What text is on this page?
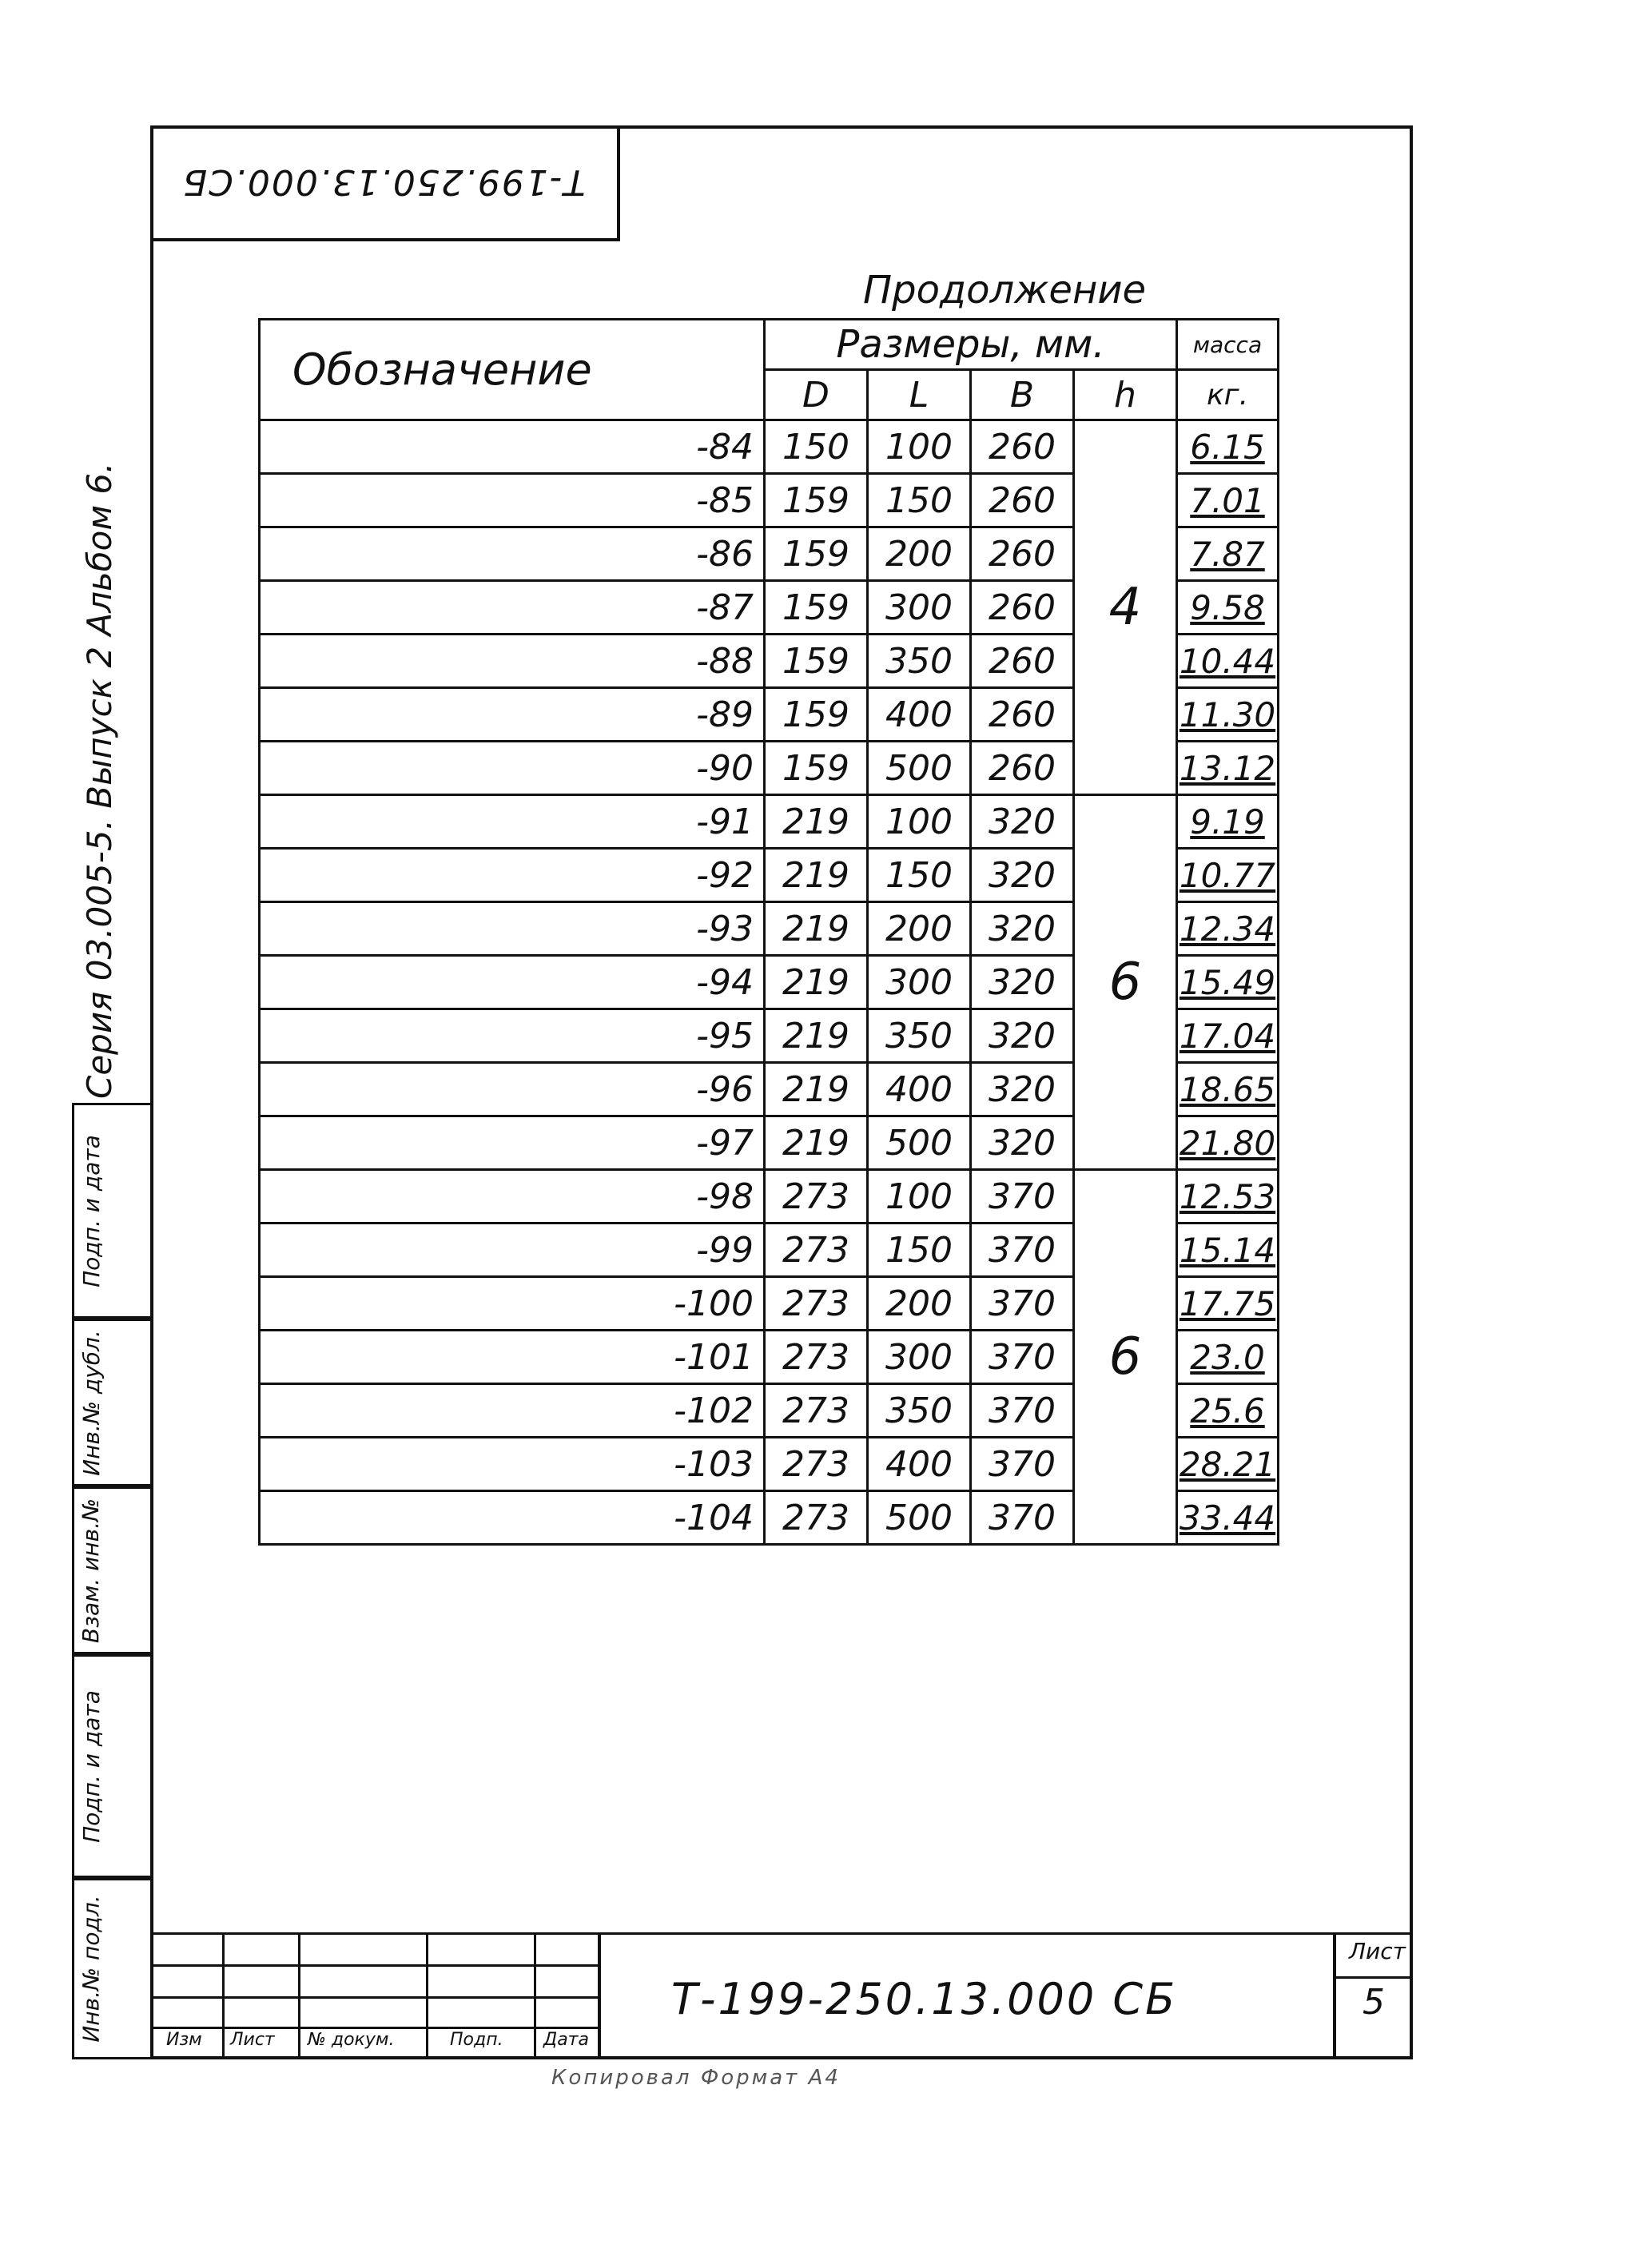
Т-199.250.13.000.СБ
Продолжение
Обозначение	Размеры, мм.				масса
	D	L	B	h	кг.
-84	150	100	260	4	6.15
-85	159	150	260		7.01
-86	159	200	260		7.87
-87	159	300	260		9.58
-88	159	350	260		10.44
-89	159	400	260		11.30
-90	159	500	260		13.12
-91	219	100	320	6	9.19
-92	219	150	320		10.77
-93	219	200	320		12.34
-94	219	300	320		15.49
-95	219	350	320		17.04
-96	219	400	320		18.65
-97	219	500	320		21.80
-98	273	100	370	6	12.53
-99	273	150	370		15.14
-100	273	200	370		17.75
-101	273	300	370		23.0
-102	273	350	370		25.6
-103	273	400	370		28.21
-104	273	500	370		33.44
Серия 03.005-5. Выпуск 2 Альбом 6.
Подп. и дата
Инв.№ дубл.
Взам. инв.№
Подп. и дата
Инв.№ подл.	Изм Лист № докум.	Подп. Дата
Т-199-250.13.000 СБ
Лист
5
Копировал Формат А4
